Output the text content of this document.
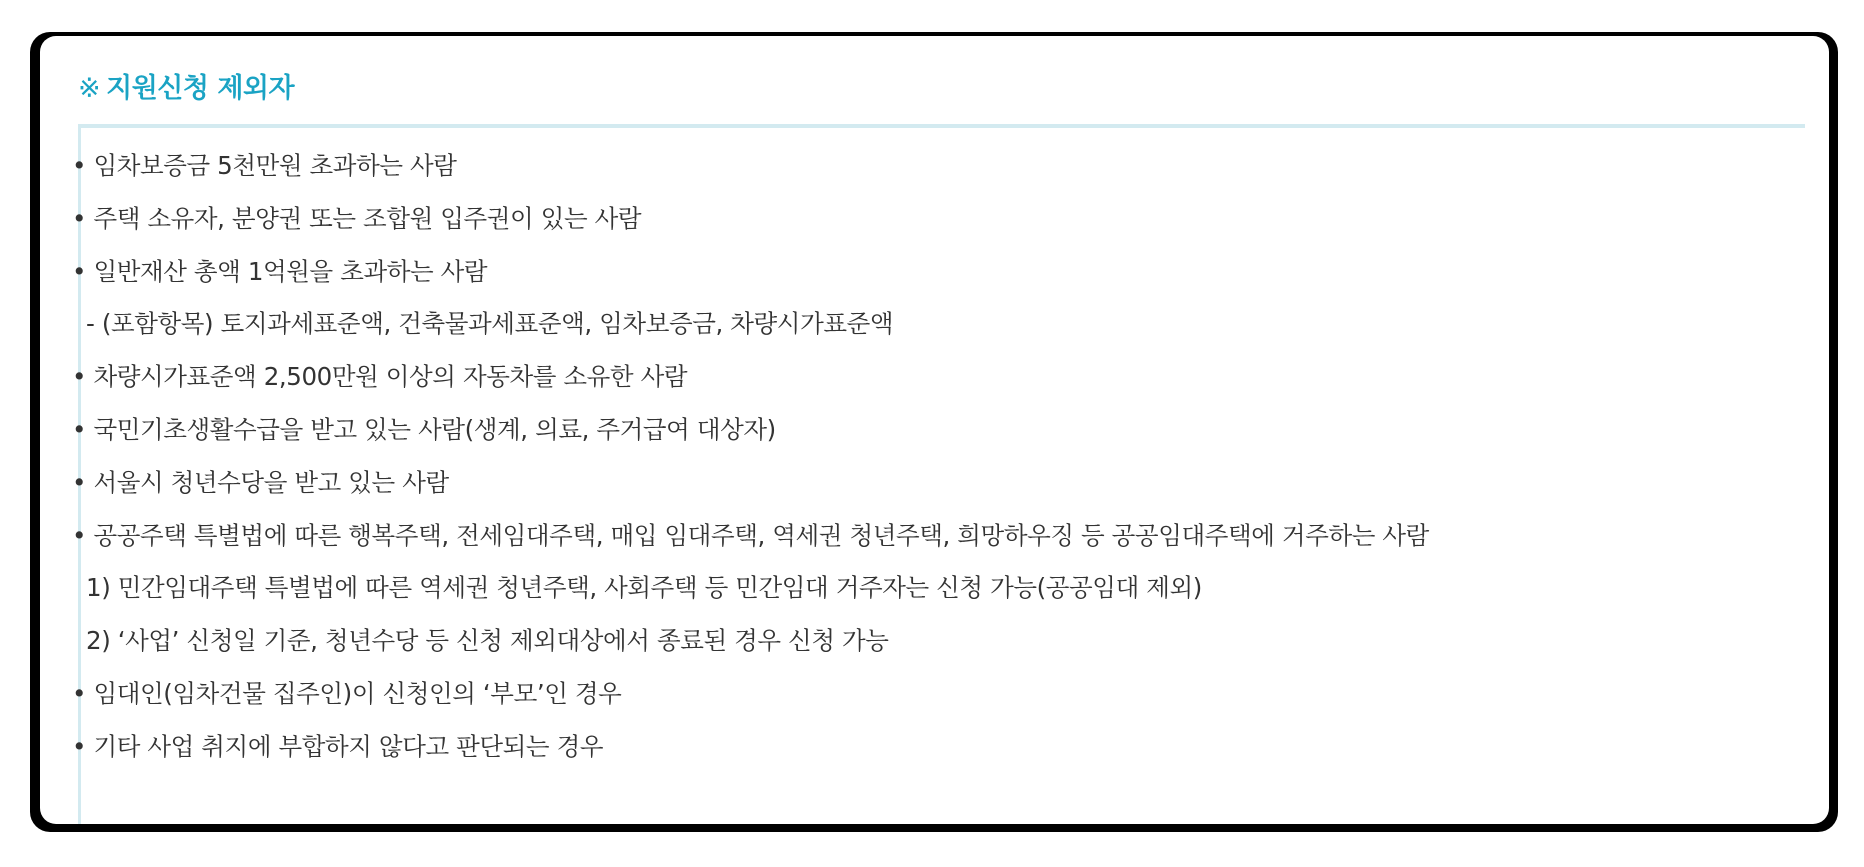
※ 지원신청 제외자
• 임차보증금 5천만원 초과하는 사람
• 주택 소유자, 분양권 또는 조합원 입주권이 있는 사람
• 일반재산 총액 1억원을 초과하는 사람
- (포함항목) 토지과세표준액, 건축물과세표준액, 임차보증금, 차량시가표준액
• 차량시가표준액 2,500만원 이상의 자동차를 소유한 사람
• 국민기초생활수급을 받고 있는 사람(생계, 의료, 주거급여 대상자)
• 서울시 청년수당을 받고 있는 사람
• 공공주택 특별법에 따른 행복주택, 전세임대주택, 매입 임대주택, 역세권 청년주택, 희망하우징 등 공공임대주택에 거주하는 사람
1) 민간임대주택 특별법에 따른 역세권 청년주택, 사회주택 등 민간임대 거주자는 신청 가능(공공임대 제외)
2) ‘사업’ 신청일 기준, 청년수당 등 신청 제외대상에서 종료된 경우 신청 가능
• 임대인(임차건물 집주인)이 신청인의 ‘부모’인 경우
• 기타 사업 취지에 부합하지 않다고 판단되는 경우
